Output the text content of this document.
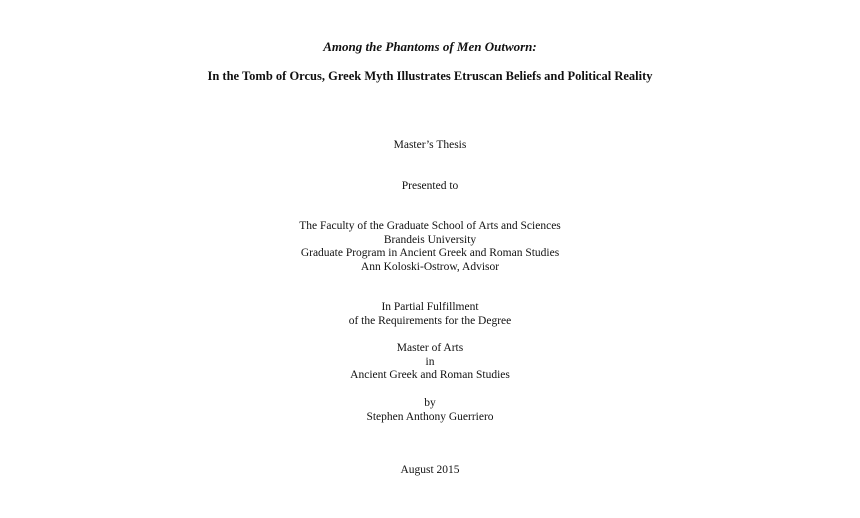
Among the Phantoms of Men Outworn:
In the Tomb of Orcus, Greek Myth Illustrates Etruscan Beliefs and Political Reality
Master’s Thesis
Presented to
The Faculty of the Graduate School of Arts and Sciences
Brandeis University
Graduate Program in Ancient Greek and Roman Studies
Ann Koloski-Ostrow, Advisor
In Partial Fulfillment
of the Requirements for the Degree
Master of Arts
in
Ancient Greek and Roman Studies
by
Stephen Anthony Guerriero
August 2015
